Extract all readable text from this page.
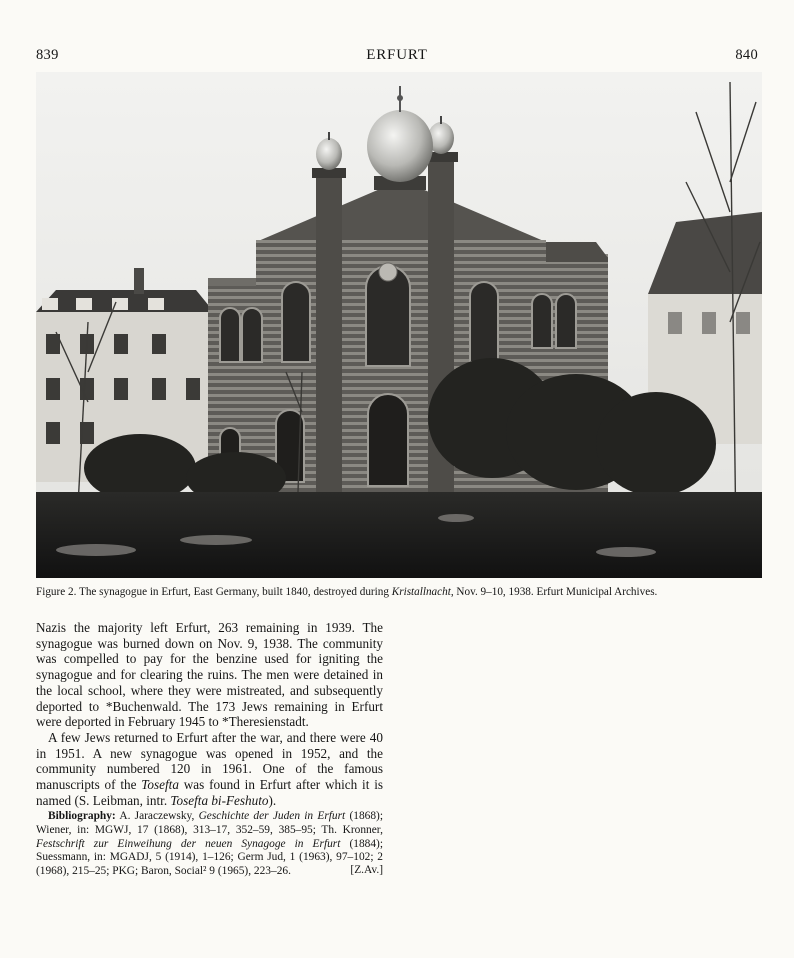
839	ERFURT	840
Figure 2. The synagogue in Erfurt, East Germany, built 1840, destroyed during Kristallnacht, Nov. 9–10, 1938. Erfurt Municipal Archives.

Nazis the majority left Erfurt, 263 remaining in 1939. The synagogue was burned down on Nov. 9, 1938. The community was compelled to pay for the benzine used for igniting the synagogue and for clearing the ruins. The men were detained in the local school, where they were mistreated, and subsequently deported to *Buchenwald. The 173 Jews remaining in Erfurt were deported in February 1945 to *Theresienstadt.

A few Jews returned to Erfurt after the war, and there were 40 in 1951. A new synagogue was opened in 1952, and the community numbered 120 in 1961. One of the famous manuscripts of the Tosefta was found in Erfurt after which it is named (S. Leibman, intr. Tosefta bi-Feshuto).

Bibliography: A. Jaraczewsky, Geschichte der Juden in Erfurt (1868); Wiener, in: MGWJ, 17 (1868), 313–17, 352–59, 385–95; Th. Kronner, Festschrift zur Einweihung der neuen Synagoge in Erfurt (1884); Suessmann, in: MGADJ, 5 (1914), 1–126; Germ Jud, 1 (1963), 97–102; 2 (1968), 215–25; PKG; Baron, Social² 9 (1965), 223–26.	[Z.Av.]
